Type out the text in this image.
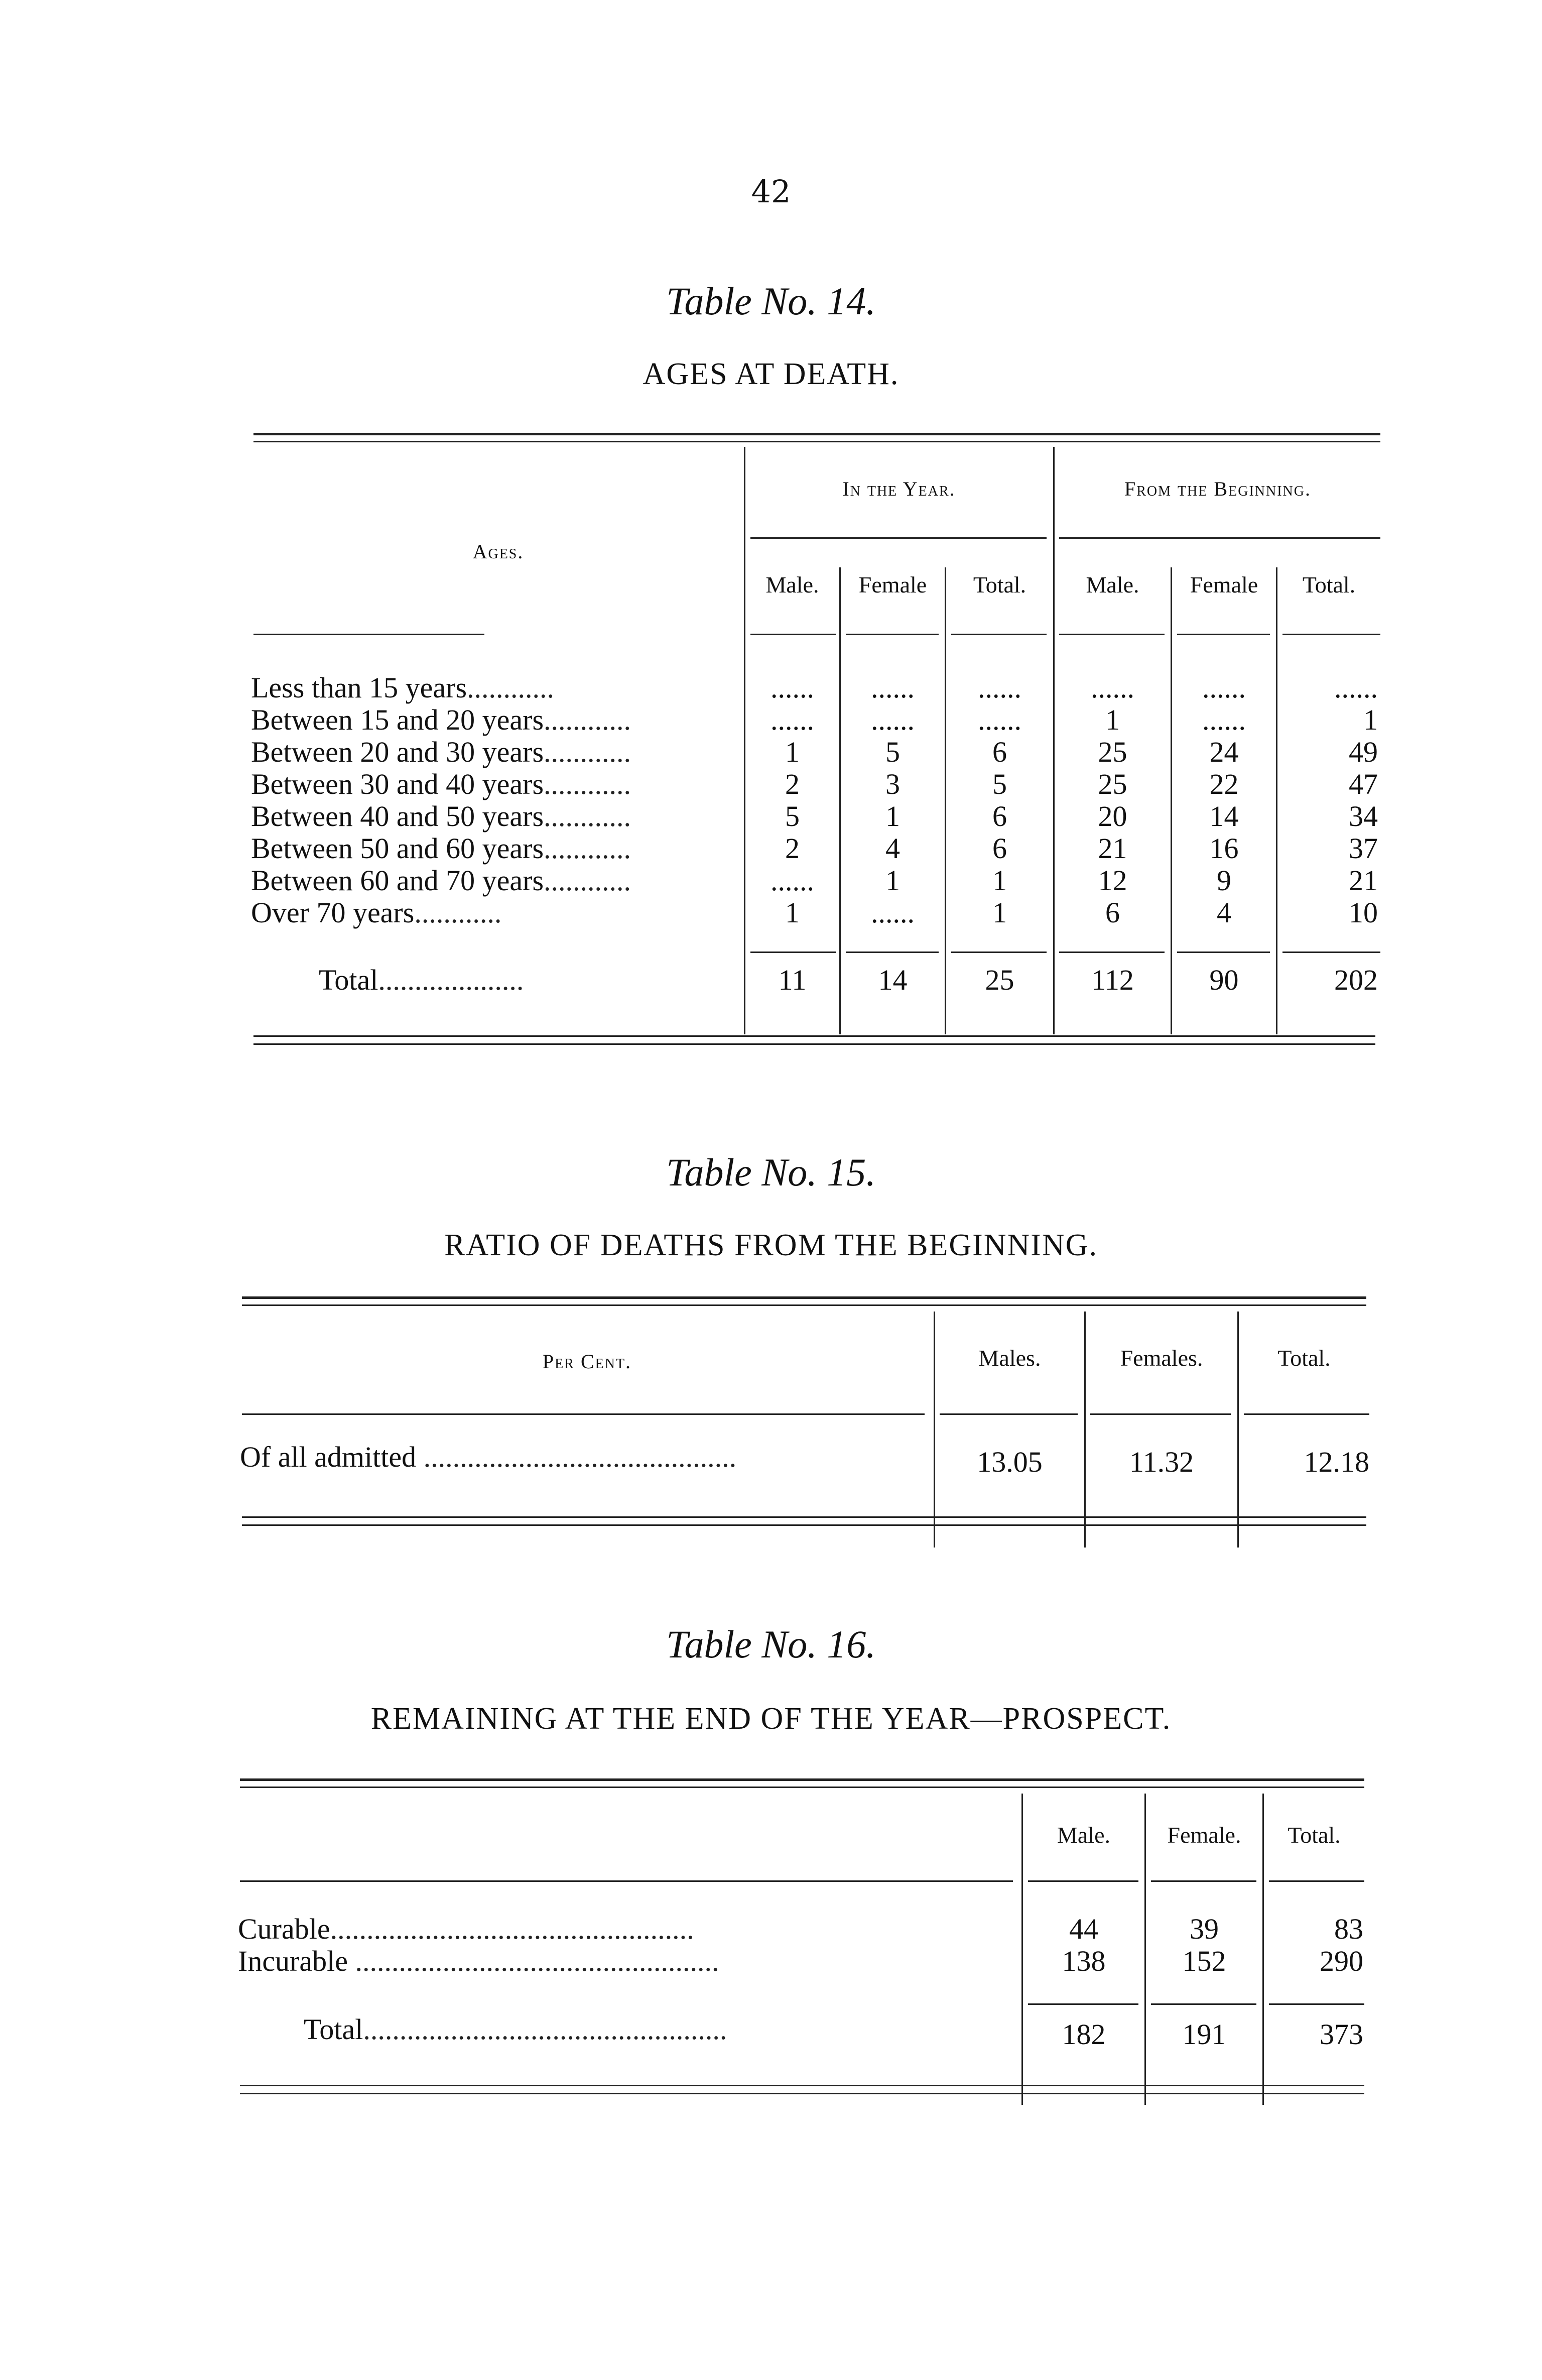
42
Table No. 14.
AGES AT DEATH.
In the Year.	From the Beginning.
Ages.
Male.	Female	Total.	Male.	Female	Total.
Less than 15 years............	......	......	......	......	......	......
Between 15 and 20 years............	......	......	......	1	......	1
Between 20 and 30 years............	1	5	6	25	24	49
Between 30 and 40 years............	2	3	5	25	22	47
Between 40 and 50 years............	5	1	6	20	14	34
Between 50 and 60 years............	2	4	6	21	16	37
Between 60 and 70 years............	......	1	1	12	9	21
Over 70 years............	1	......	1	6	4	10
Total....................	11	14	25	112	90	202
Table No. 15.
RATIO OF DEATHS FROM THE BEGINNING.
Per Cent.	Males.	Females.	Total.
Of all admitted ...........................................	13.05	11.32	12.18
Table No. 16.
REMAINING AT THE END OF THE YEAR—PROSPECT.
Male.	Female.	Total.
Curable..................................................	44	39	83
Incurable ..................................................	138	152	290
Total..................................................	182	191	373
